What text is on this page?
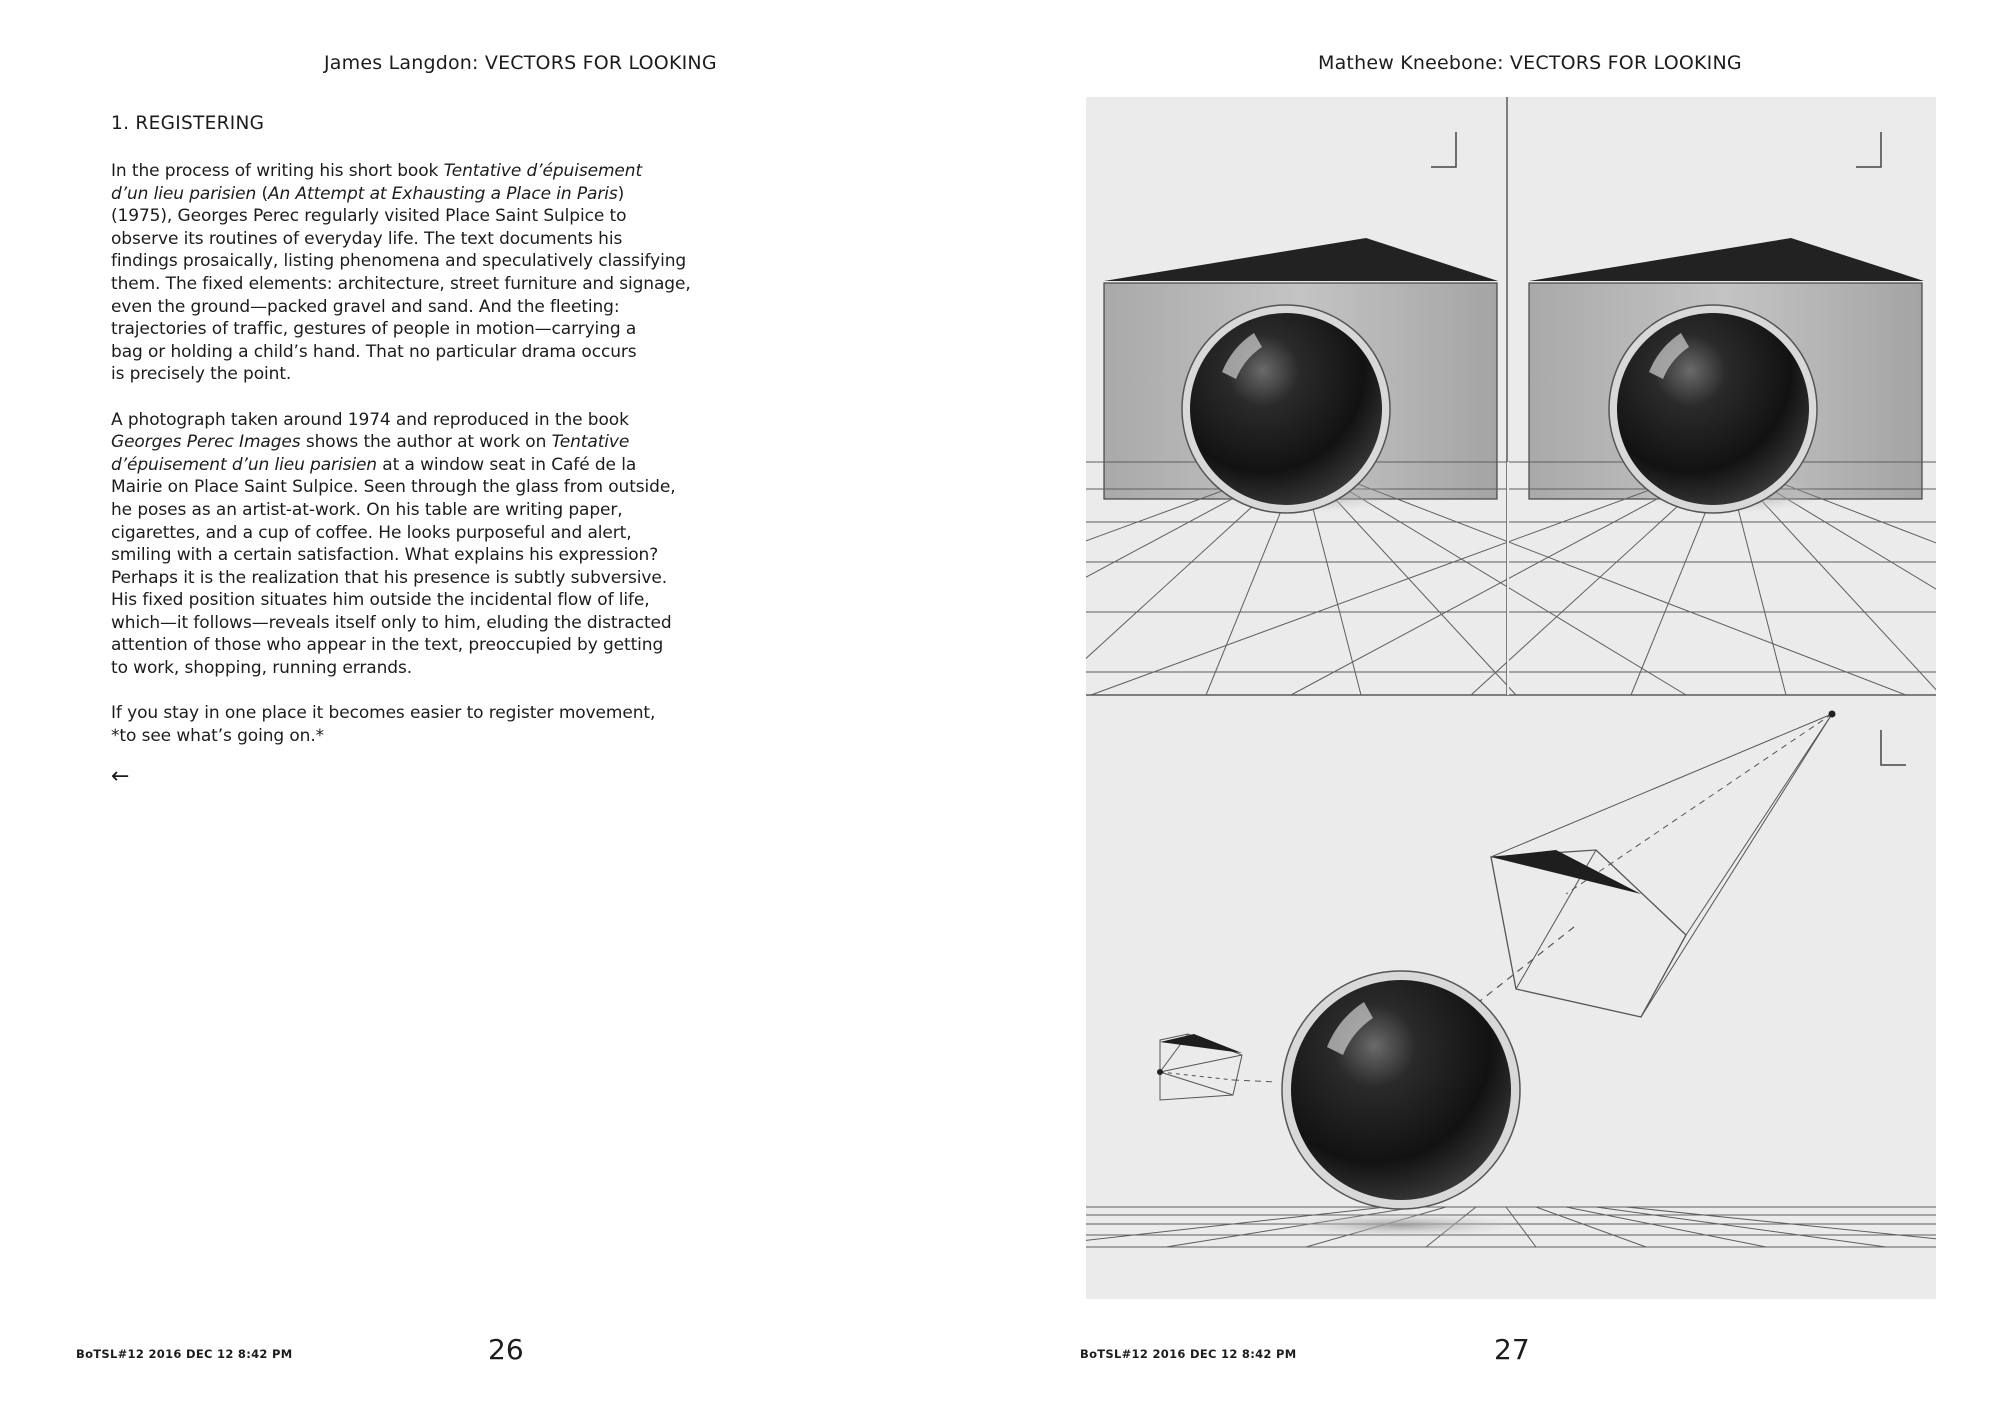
James Langdon: VECTORS FOR LOOKING
1. REGISTERING

In the process of writing his short book Tentative d’épuisement
d’un lieu parisien (An Attempt at Exhausting a Place in Paris)
(1975), Georges Perec regularly visited Place Saint Sulpice to
observe its routines of everyday life. The text documents his
findings prosaically, listing phenomena and speculatively classifying
them. The fixed elements: architecture, street furniture and signage,
even the ground—packed gravel and sand. And the fleeting:
trajectories of traffic, gestures of people in motion—carrying a
bag or holding a child’s hand. That no particular drama occurs
is precisely the point.

A photograph taken around 1974 and reproduced in the book
Georges Perec Images shows the author at work on Tentative
d’épuisement d’un lieu parisien at a window seat in Café de la
Mairie on Place Saint Sulpice. Seen through the glass from outside,
he poses as an artist-at-work. On his table are writing paper,
cigarettes, and a cup of coffee. He looks purposeful and alert,
smiling with a certain satisfaction. What explains his expression?
Perhaps it is the realization that his presence is subtly subversive.
His fixed position situates him outside the incidental flow of life,
which—it follows—reveals itself only to him, eluding the distracted
attention of those who appear in the text, preoccupied by getting
to work, shopping, running errands.

If you stay in one place it becomes easier to register movement,
*to see what’s going on.*

←
BoTSL#12 2016 DEC 12 8:42 PM	26
Mathew Kneebone: VECTORS FOR LOOKING
BoTSL#12 2016 DEC 12 8:42 PM	27
